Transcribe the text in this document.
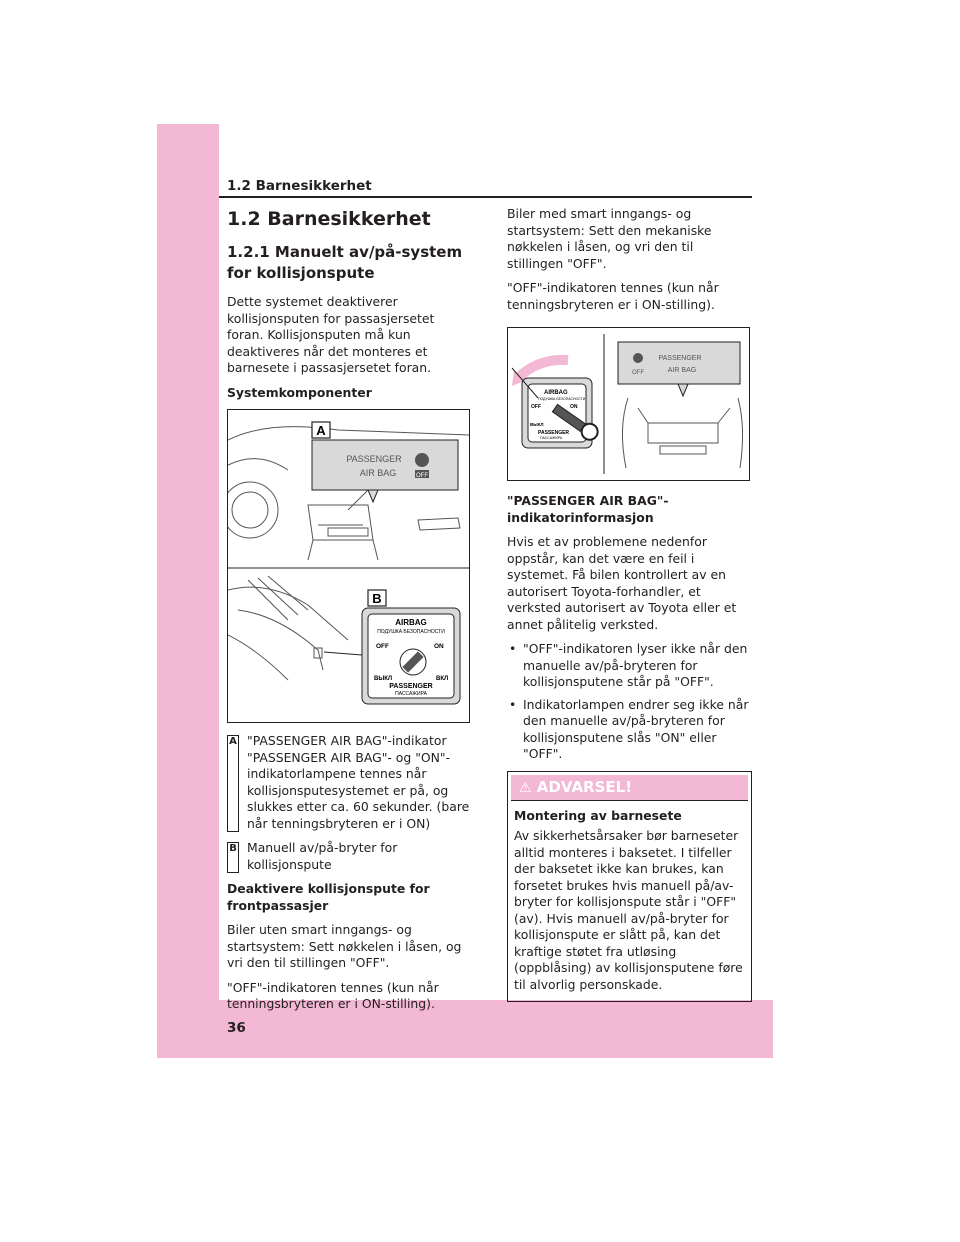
1.2 Barnesikkerhet
1.2 Barnesikkerhet
1.2.1 Manuelt av/på-system for kollisjonspute

Dette systemet deaktiverer kollisjonsputen for passasjersetet foran. Kollisjonsputen må kun deaktiveres når det monteres et barnesete i passasjersetet foran.

Systemkomponenter

A
PASSENGER
AIR BAG	OFF
B
AIRBAG
ПОДУШКА БЕЗОПАСНОСТИ
OFF	ON
ВЫКЛ	ВКЛ
PASSENGER
ПАССАЖИРА
A "PASSENGER AIR BAG"-indikator "PASSENGER AIR BAG"- og "ON"-indikatorlampene tennes når kollisjonsputesystemet er på, og slukkes etter ca. 60 sekunder. (bare når tenningsbryteren er i ON)
B Manuell av/på-bryter for kollisjonspute

Deaktivere kollisjonspute for frontpassasjer

Biler uten smart inngangs- og startsystem: Sett nøkkelen i låsen, og vri den til stillingen "OFF".

"OFF"-indikatoren tennes (kun når tenningsbryteren er i ON-stilling).

Biler med smart inngangs- og startsystem: Sett den mekaniske nøkkelen i låsen, og vri den til stillingen "OFF".

"OFF"-indikatoren tennes (kun når tenningsbryteren er i ON-stilling).

AIRBAG
ПОДУШКА БЕЗОПАСНОСТИ
OFF	ON
ВЫКЛ
PASSENGER
ПАССАЖИРА
PASSENGER
AIR BAG
OFF

"PASSENGER AIR BAG"-indikatorinformasjon

Hvis et av problemene nedenfor oppstår, kan det være en feil i systemet. Få bilen kontrollert av en autorisert Toyota-forhandler, et verksted autorisert av Toyota eller et annet pålitelig verksted.

• "OFF"-indikatoren lyser ikke når den manuelle av/på-bryteren for kollisjonsputene står på "OFF".
• Indikatorlampen endrer seg ikke når den manuelle av/på-bryteren for kollisjonsputene slås "ON" eller "OFF".
⚠ ADVARSEL!

Montering av barnesete

Av sikkerhetsårsaker bør barneseter alltid monteres i baksetet. I tilfeller der baksetet ikke kan brukes, kan forsetet brukes hvis manuell på/av-bryter for kollisjonspute står i "OFF" (av). Hvis manuell av/på-bryter for kollisjonspute er slått på, kan det kraftige støtet fra utløsing (oppblåsing) av kollisjonsputene føre til alvorlig personskade.

36
